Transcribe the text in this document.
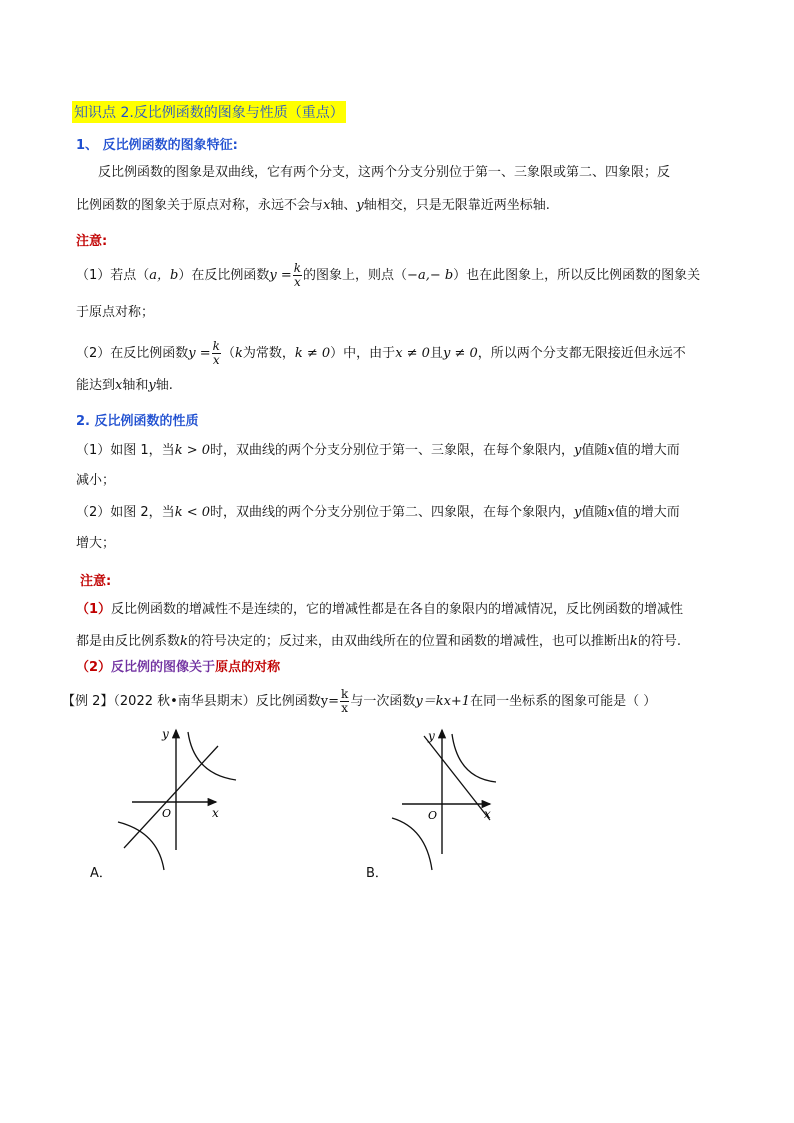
知识点 2.反比例函数的图象与性质（重点）
1、 反比例函数的图象特征:
反比例函数的图象是双曲线，它有两个分支，这两个分支分别位于第一、三象限或第二、四象限；反
比例函数的图象关于原点对称，永远不会与x轴、y轴相交，只是无限靠近两坐标轴.
注意:
（1）若点（a，b）在反比例函数$y = \frac{k}{x}$ 的图象上，则点（−a,− b）也在此图象上，所以反比例函数的图象关
于原点对称；
（2）在反比例函数$y = \frac{k}{x} (k$为常数，k ≠ 0）中，由于x ≠ 0且y ≠ 0，所以两个分支都无限接近但永远不
能达到x轴和y轴.
2. 反比例函数的性质
（1）如图 1，当k > 0时，双曲线的两个分支分别位于第一、三象限，在每个象限内，y值随x值的增大而
减小；
（2）如图 2，当k < 0时，双曲线的两个分支分别位于第二、四象限，在每个象限内，y值随x值的增大而
增大；
注意:
（1）反比例函数的增减性不是连续的，它的增减性都是在各自的象限内的增减情况，反比例函数的增减性
都是由反比例系数k的符号决定的；反过来，由双曲线所在的位置和函数的增减性，也可以推断出k的符号.
（2）反比例的图像关于原点的对称
【例 2】（2022 秋•南华县期末）反比例函数$y= \frac{k}{x}$ 与一次函数y＝kx+1在同一坐标系的图象可能是（ ）
y
x
O
A．
y
x
O
B．
